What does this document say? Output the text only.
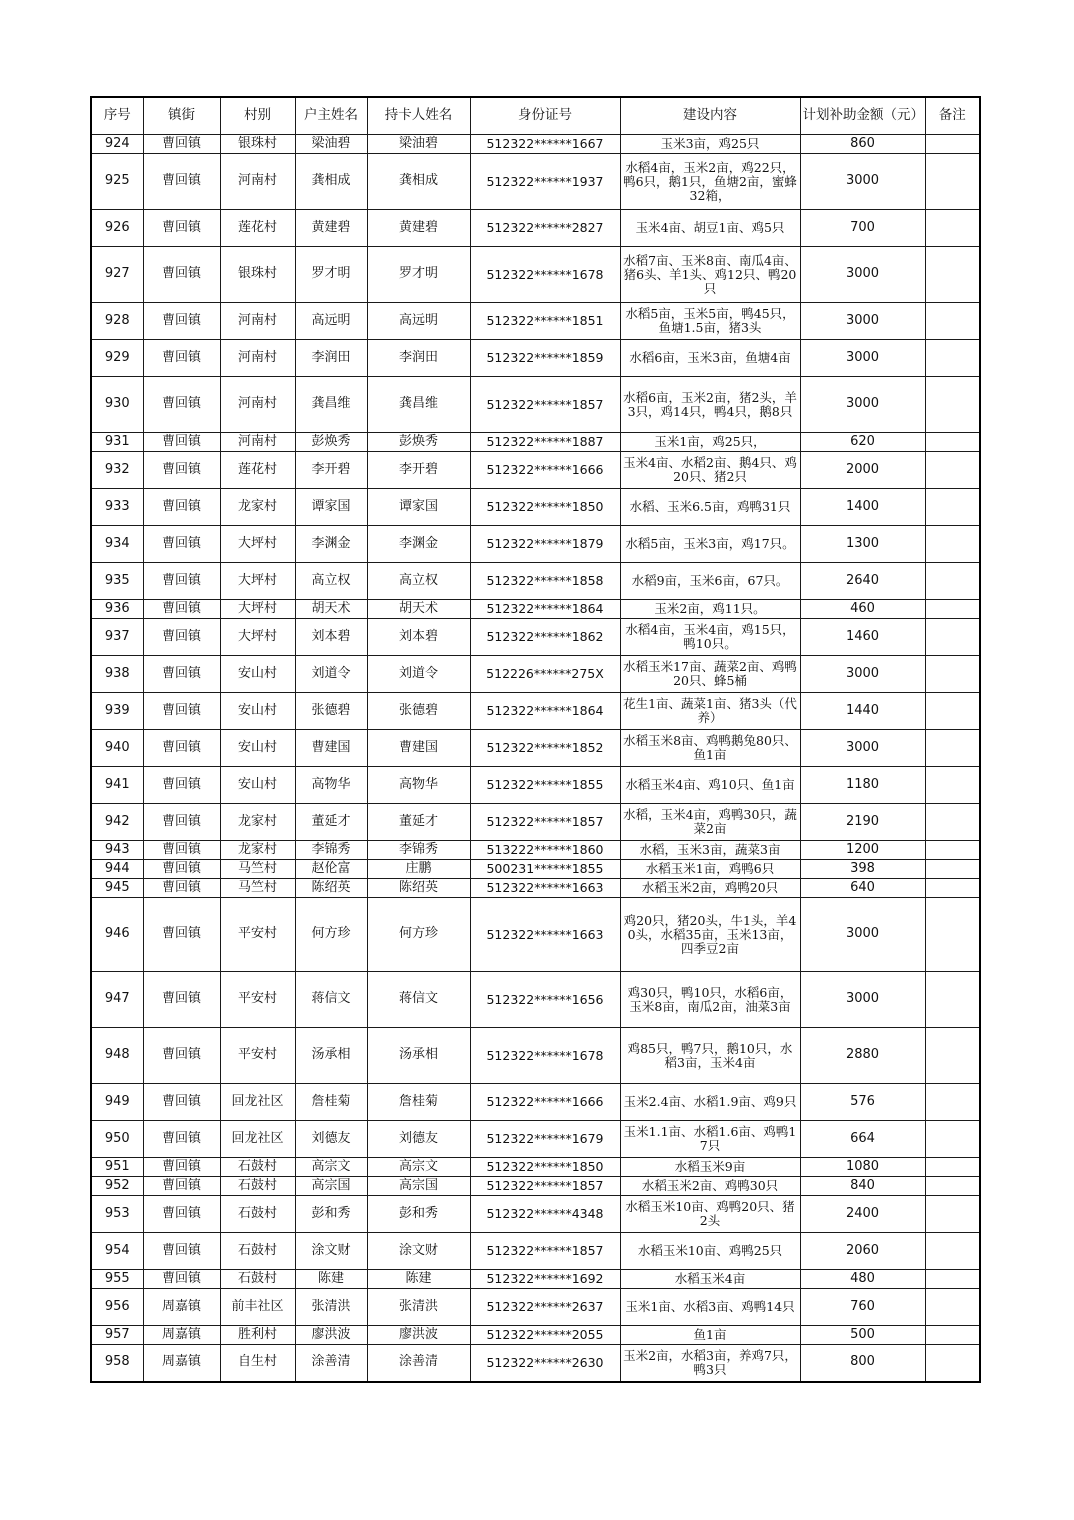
序号	镇街	村别	户主姓名	持卡人姓名	身份证号	建设内容	计划补助金额（元）	备注
924	曹回镇	银珠村	梁油碧	梁油碧	512322******1667	玉米3亩，鸡25只	860	
925	曹回镇	河南村	龚相成	龚相成	512322******1937	水稻4亩，玉米2亩，鸡22只，鸭6只，鹅1只，鱼塘2亩，蜜蜂32箱，	3000	
926	曹回镇	莲花村	黄建碧	黄建碧	512322******2827	玉米4亩、胡豆1亩、鸡5只	700	
927	曹回镇	银珠村	罗才明	罗才明	512322******1678	水稻7亩、玉米8亩、南瓜4亩、猪6头、羊1头、鸡12只、鸭20只	3000	
928	曹回镇	河南村	高远明	高远明	512322******1851	水稻5亩，玉米5亩，鸭45只，鱼塘1.5亩，猪3头	3000	
929	曹回镇	河南村	李润田	李润田	512322******1859	水稻6亩，玉米3亩，鱼塘4亩	3000	
930	曹回镇	河南村	龚昌维	龚昌维	512322******1857	水稻6亩，玉米2亩，猪2头，羊3只，鸡14只，鸭4只，鹅8只	3000	
931	曹回镇	河南村	彭焕秀	彭焕秀	512322******1887	玉米1亩，鸡25只，	620	
932	曹回镇	莲花村	李开碧	李开碧	512322******1666	玉米4亩、水稻2亩、鹅4只、鸡20只、猪2只	2000	
933	曹回镇	龙家村	谭家国	谭家国	512322******1850	水稻、玉米6.5亩，鸡鸭31只	1400	
934	曹回镇	大坪村	李渊金	李渊金	512322******1879	水稻5亩，玉米3亩，鸡17只。	1300	
935	曹回镇	大坪村	高立权	高立权	512322******1858	水稻9亩，玉米6亩，67只。	2640	
936	曹回镇	大坪村	胡天术	胡天术	512322******1864	玉米2亩，鸡11只。	460	
937	曹回镇	大坪村	刘本碧	刘本碧	512322******1862	水稻4亩，玉米4亩，鸡15只，鸭10只。	1460	
938	曹回镇	安山村	刘道令	刘道令	512226******275X	水稻玉米17亩、蔬菜2亩、鸡鸭20只、蜂5桶	3000	
939	曹回镇	安山村	张德碧	张德碧	512322******1864	花生1亩、蔬菜1亩、猪3头（代养）	1440	
940	曹回镇	安山村	曹建国	曹建国	512322******1852	水稻玉米8亩、鸡鸭鹅兔80只、鱼1亩	3000	
941	曹回镇	安山村	高物华	高物华	512322******1855	水稻玉米4亩、鸡10只、鱼1亩	1180	
942	曹回镇	龙家村	董延才	董延才	512322******1857	水稻，玉米4亩，鸡鸭30只，蔬菜2亩	2190	
943	曹回镇	龙家村	李锦秀	李锦秀	513222******1860	水稻，玉米3亩，蔬菜3亩	1200	
944	曹回镇	马竺村	赵伦富	庄鹏	500231******1855	水稻玉米1亩，鸡鸭6只	398	
945	曹回镇	马竺村	陈绍英	陈绍英	512322******1663	水稻玉米2亩，鸡鸭20只	640	
946	曹回镇	平安村	何方珍	何方珍	512322******1663	鸡20只，猪20头，牛1头，羊40头，水稻35亩，玉米13亩，四季豆2亩	3000	
947	曹回镇	平安村	蒋信文	蒋信文	512322******1656	鸡30只，鸭10只，水稻6亩，玉米8亩，南瓜2亩，油菜3亩	3000	
948	曹回镇	平安村	汤承相	汤承相	512322******1678	鸡85只，鸭7只，鹅10只，水稻3亩，玉米4亩	2880	
949	曹回镇	回龙社区	詹桂菊	詹桂菊	512322******1666	玉米2.4亩、水稻1.9亩、鸡9只	576	
950	曹回镇	回龙社区	刘德友	刘德友	512322******1679	玉米1.1亩、水稻1.6亩、鸡鸭17只	664	
951	曹回镇	石鼓村	高宗文	高宗文	512322******1850	水稻玉米9亩	1080	
952	曹回镇	石鼓村	高宗国	高宗国	512322******1857	水稻玉米2亩、鸡鸭30只	840	
953	曹回镇	石鼓村	彭和秀	彭和秀	512322******4348	水稻玉米10亩、鸡鸭20只、猪2头	2400	
954	曹回镇	石鼓村	涂文财	涂文财	512322******1857	水稻玉米10亩、鸡鸭25只	2060	
955	曹回镇	石鼓村	陈建	陈建	512322******1692	水稻玉米4亩	480	
956	周嘉镇	前丰社区	张清洪	张清洪	512322******2637	玉米1亩、水稻3亩、鸡鸭14只	760	
957	周嘉镇	胜利村	廖洪波	廖洪波	512322******2055	鱼1亩	500	
958	周嘉镇	自生村	涂善清	涂善清	512322******2630	玉米2亩，水稻3亩，养鸡7只，鸭3只	800	
